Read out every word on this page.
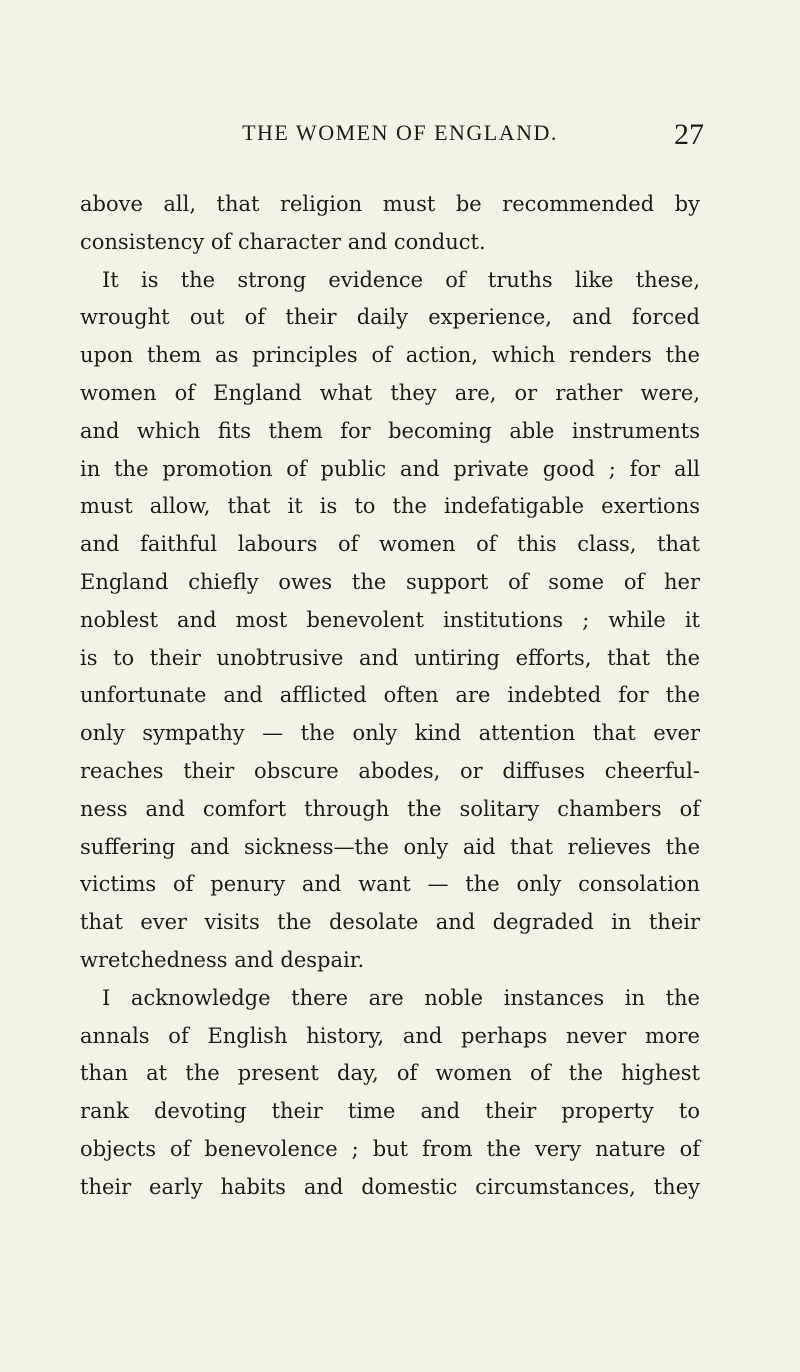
THE WOMEN OF ENGLAND.	27
above all, that religion must be recommended by
consistency of character and conduct.
It is the strong evidence of truths like these,
wrought out of their daily experience, and forced
upon them as principles of action, which renders the
women of England what they are, or rather were,
and which fits them for becoming able instruments
in the promotion of public and private good ; for all
must allow, that it is to the indefatigable exertions
and faithful labours of women of this class, that
England chiefly owes the support of some of her
noblest and most benevolent institutions ; while it
is to their unobtrusive and untiring efforts, that the
unfortunate and afflicted often are indebted for the
only sympathy — the only kind attention that ever
reaches their obscure abodes, or diffuses cheerful-
ness and comfort through the solitary chambers of
suffering and sickness—the only aid that relieves the
victims of penury and want — the only consolation
that ever visits the desolate and degraded in their
wretchedness and despair.
I acknowledge there are noble instances in the
annals of English history, and perhaps never more
than at the present day, of women of the highest
rank devoting their time and their property to
objects of benevolence ; but from the very nature of
their early habits and domestic circumstances, they
